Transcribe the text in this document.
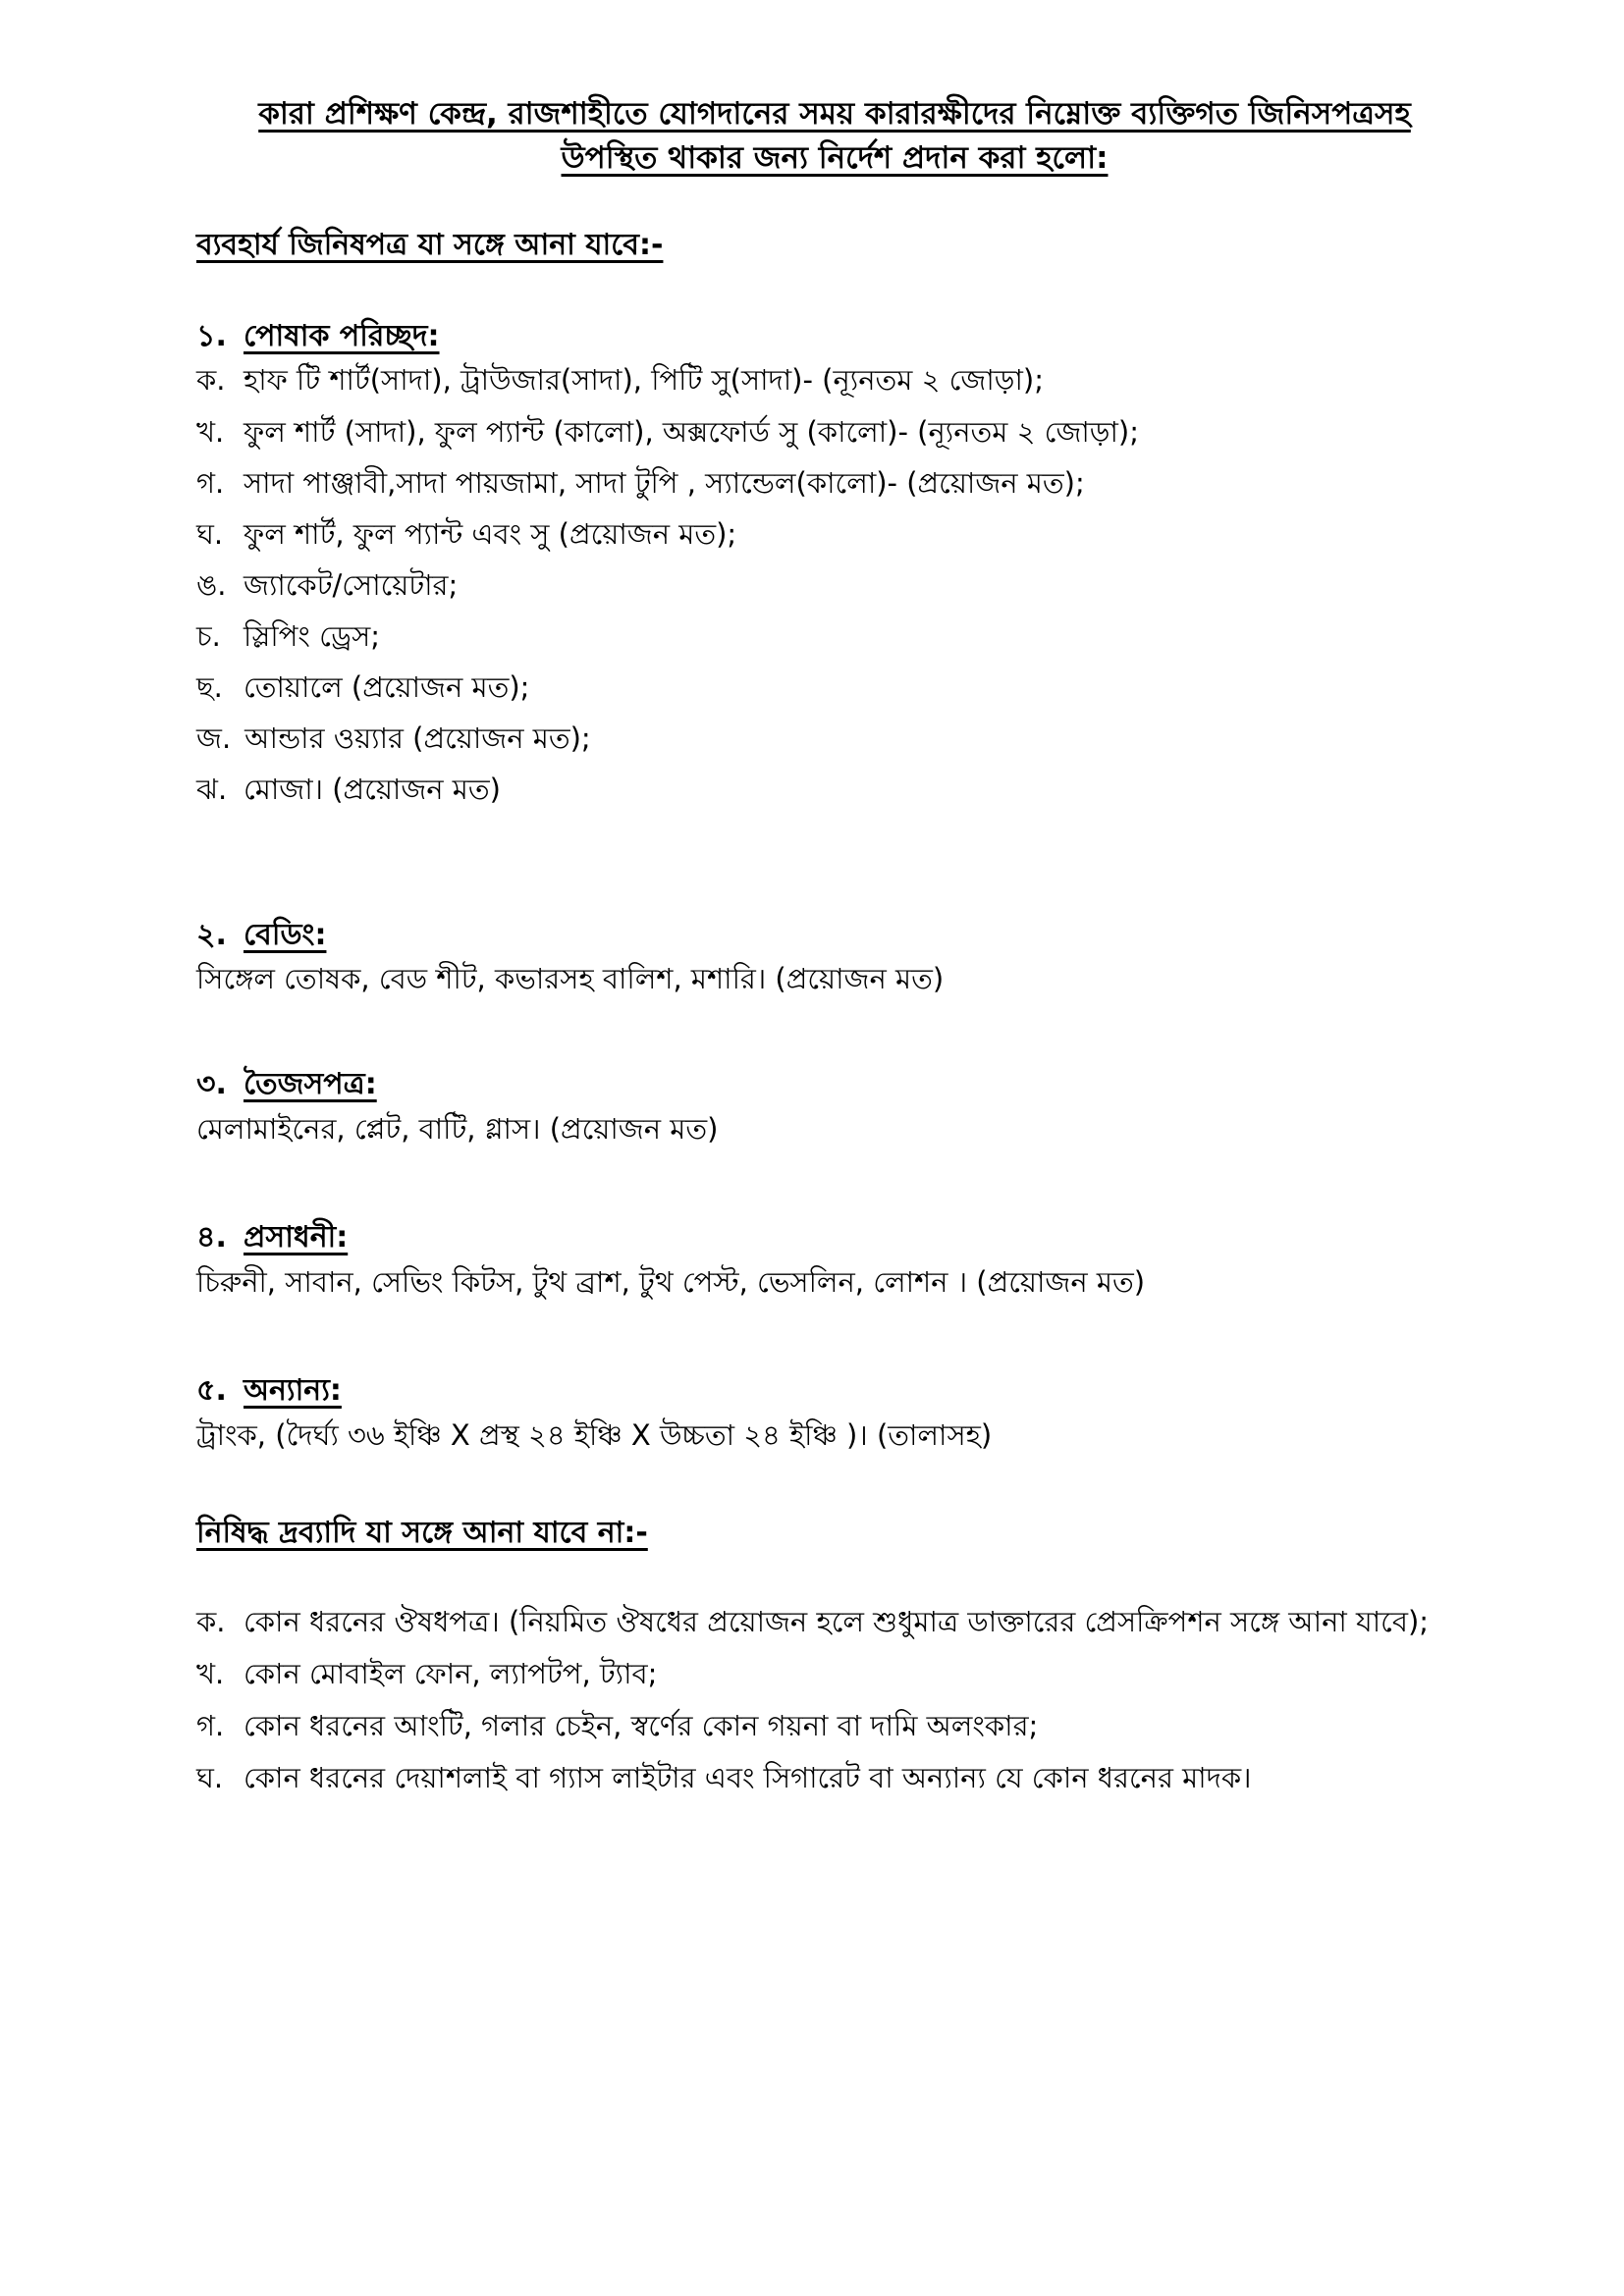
কারা প্রশিক্ষণ কেন্দ্র, রাজশাহীতে যোগদানের সময় কারারক্ষীদের নিম্নোক্ত ব্যক্তিগত জিনিসপত্রসহ
উপস্থিত থাকার জন্য নির্দেশ প্রদান করা হলো:
ব্যবহার্য জিনিষপত্র যা সঙ্গে আনা যাবে:-
১. পোষাক পরিচ্ছদ:
ক. হাফ টি শার্ট(সাদা), ট্রাউজার(সাদা), পিটি সু(সাদা)- (ন্যূনতম ২ জোড়া);
খ. ফুল শার্ট (সাদা), ফুল প্যান্ট (কালো), অক্সফোর্ড সু (কালো)- (ন্যূনতম ২ জোড়া);
গ. সাদা পাঞ্জাবী,সাদা পায়জামা, সাদা টুপি , স্যান্ডেল(কালো)- (প্রয়োজন মত);
ঘ. ফুল শার্ট, ফুল প্যান্ট এবং সু (প্রয়োজন মত);
ঙ. জ্যাকেট/সোয়েটার;
চ. স্লিপিং ড্রেস;
ছ. তোয়ালে (প্রয়োজন মত);
জ. আন্ডার ওয়্যার (প্রয়োজন মত);
ঝ. মোজা। (প্রয়োজন মত)
২. বেডিং:
সিঙ্গেল তোষক, বেড শীট, কভারসহ বালিশ, মশারি। (প্রয়োজন মত)
৩. তৈজসপত্র:
মেলামাইনের, প্লেট, বাটি, গ্লাস। (প্রয়োজন মত)
৪. প্রসাধনী:
চিরুনী, সাবান, সেভিং কিটস, টুথ ব্রাশ, টুথ পেস্ট, ভেসলিন, লোশন । (প্রয়োজন মত)
৫. অন্যান্য:
ট্রাংক, (দৈর্ঘ্য ৩৬ ইঞ্চি X প্রস্থ ২৪ ইঞ্চি X উচ্চতা ২৪ ইঞ্চি )। (তালাসহ)
নিষিদ্ধ দ্রব্যাদি যা সঙ্গে আনা যাবে না:-
ক. কোন ধরনের ঔষধপত্র। (নিয়মিত ঔষধের প্রয়োজন হলে শুধুমাত্র ডাক্তারের প্রেসক্রিপশন সঙ্গে আনা যাবে);
খ. কোন মোবাইল ফোন, ল্যাপটপ, ট্যাব;
গ. কোন ধরনের আংটি, গলার চেইন, স্বর্ণের কোন গয়না বা দামি অলংকার;
ঘ. কোন ধরনের দেয়াশলাই বা গ্যাস লাইটার এবং সিগারেট বা অন্যান্য যে কোন ধরনের মাদক।
